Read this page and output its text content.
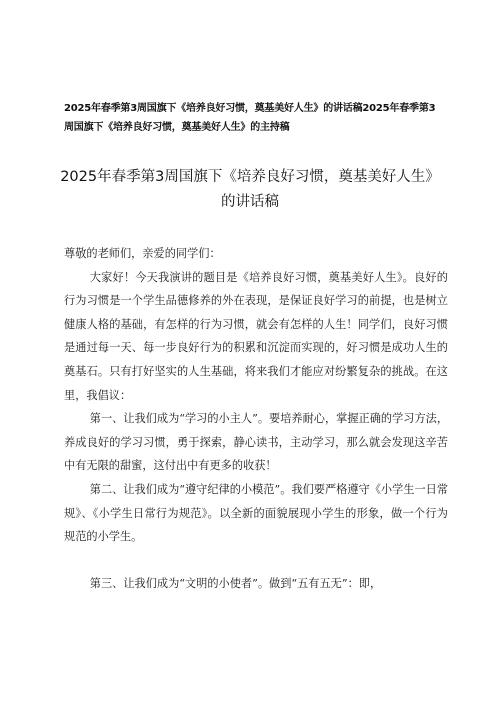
2025年春季第3周国旗下《培养良好习惯，奠基美好人生》的讲话稿2025年春季第3周国旗下《培养良好习惯，奠基美好人生》的主持稿

2025年春季第3周国旗下《培养良好习惯，奠基美好人生》的讲话稿

尊敬的老师们，亲爱的同学们：

大家好！今天我演讲的题目是《培养良好习惯，奠基美好人生》。良好的行为习惯是一个学生品德修养的外在表现，是保证良好学习的前提，也是树立健康人格的基础，有怎样的行为习惯，就会有怎样的人生！同学们，良好习惯是通过每一天、每一步良好行为的积累和沉淀而实现的，好习惯是成功人生的奠基石。只有打好坚实的人生基础，将来我们才能应对纷繁复杂的挑战。在这里，我倡议：

第一、让我们成为“学习的小主人”。要培养耐心，掌握正确的学习方法，养成良好的学习习惯，勇于探索，静心读书，主动学习，那么就会发现这辛苦中有无限的甜蜜，这付出中有更多的收获！

第二、让我们成为“遵守纪律的小模范”。我们要严格遵守《小学生一日常规》、《小学生日常行为规范》。以全新的面貌展现小学生的形象，做一个行为规范的小学生。

第三、让我们成为“文明的小使者”。做到“五有五无”：即，
